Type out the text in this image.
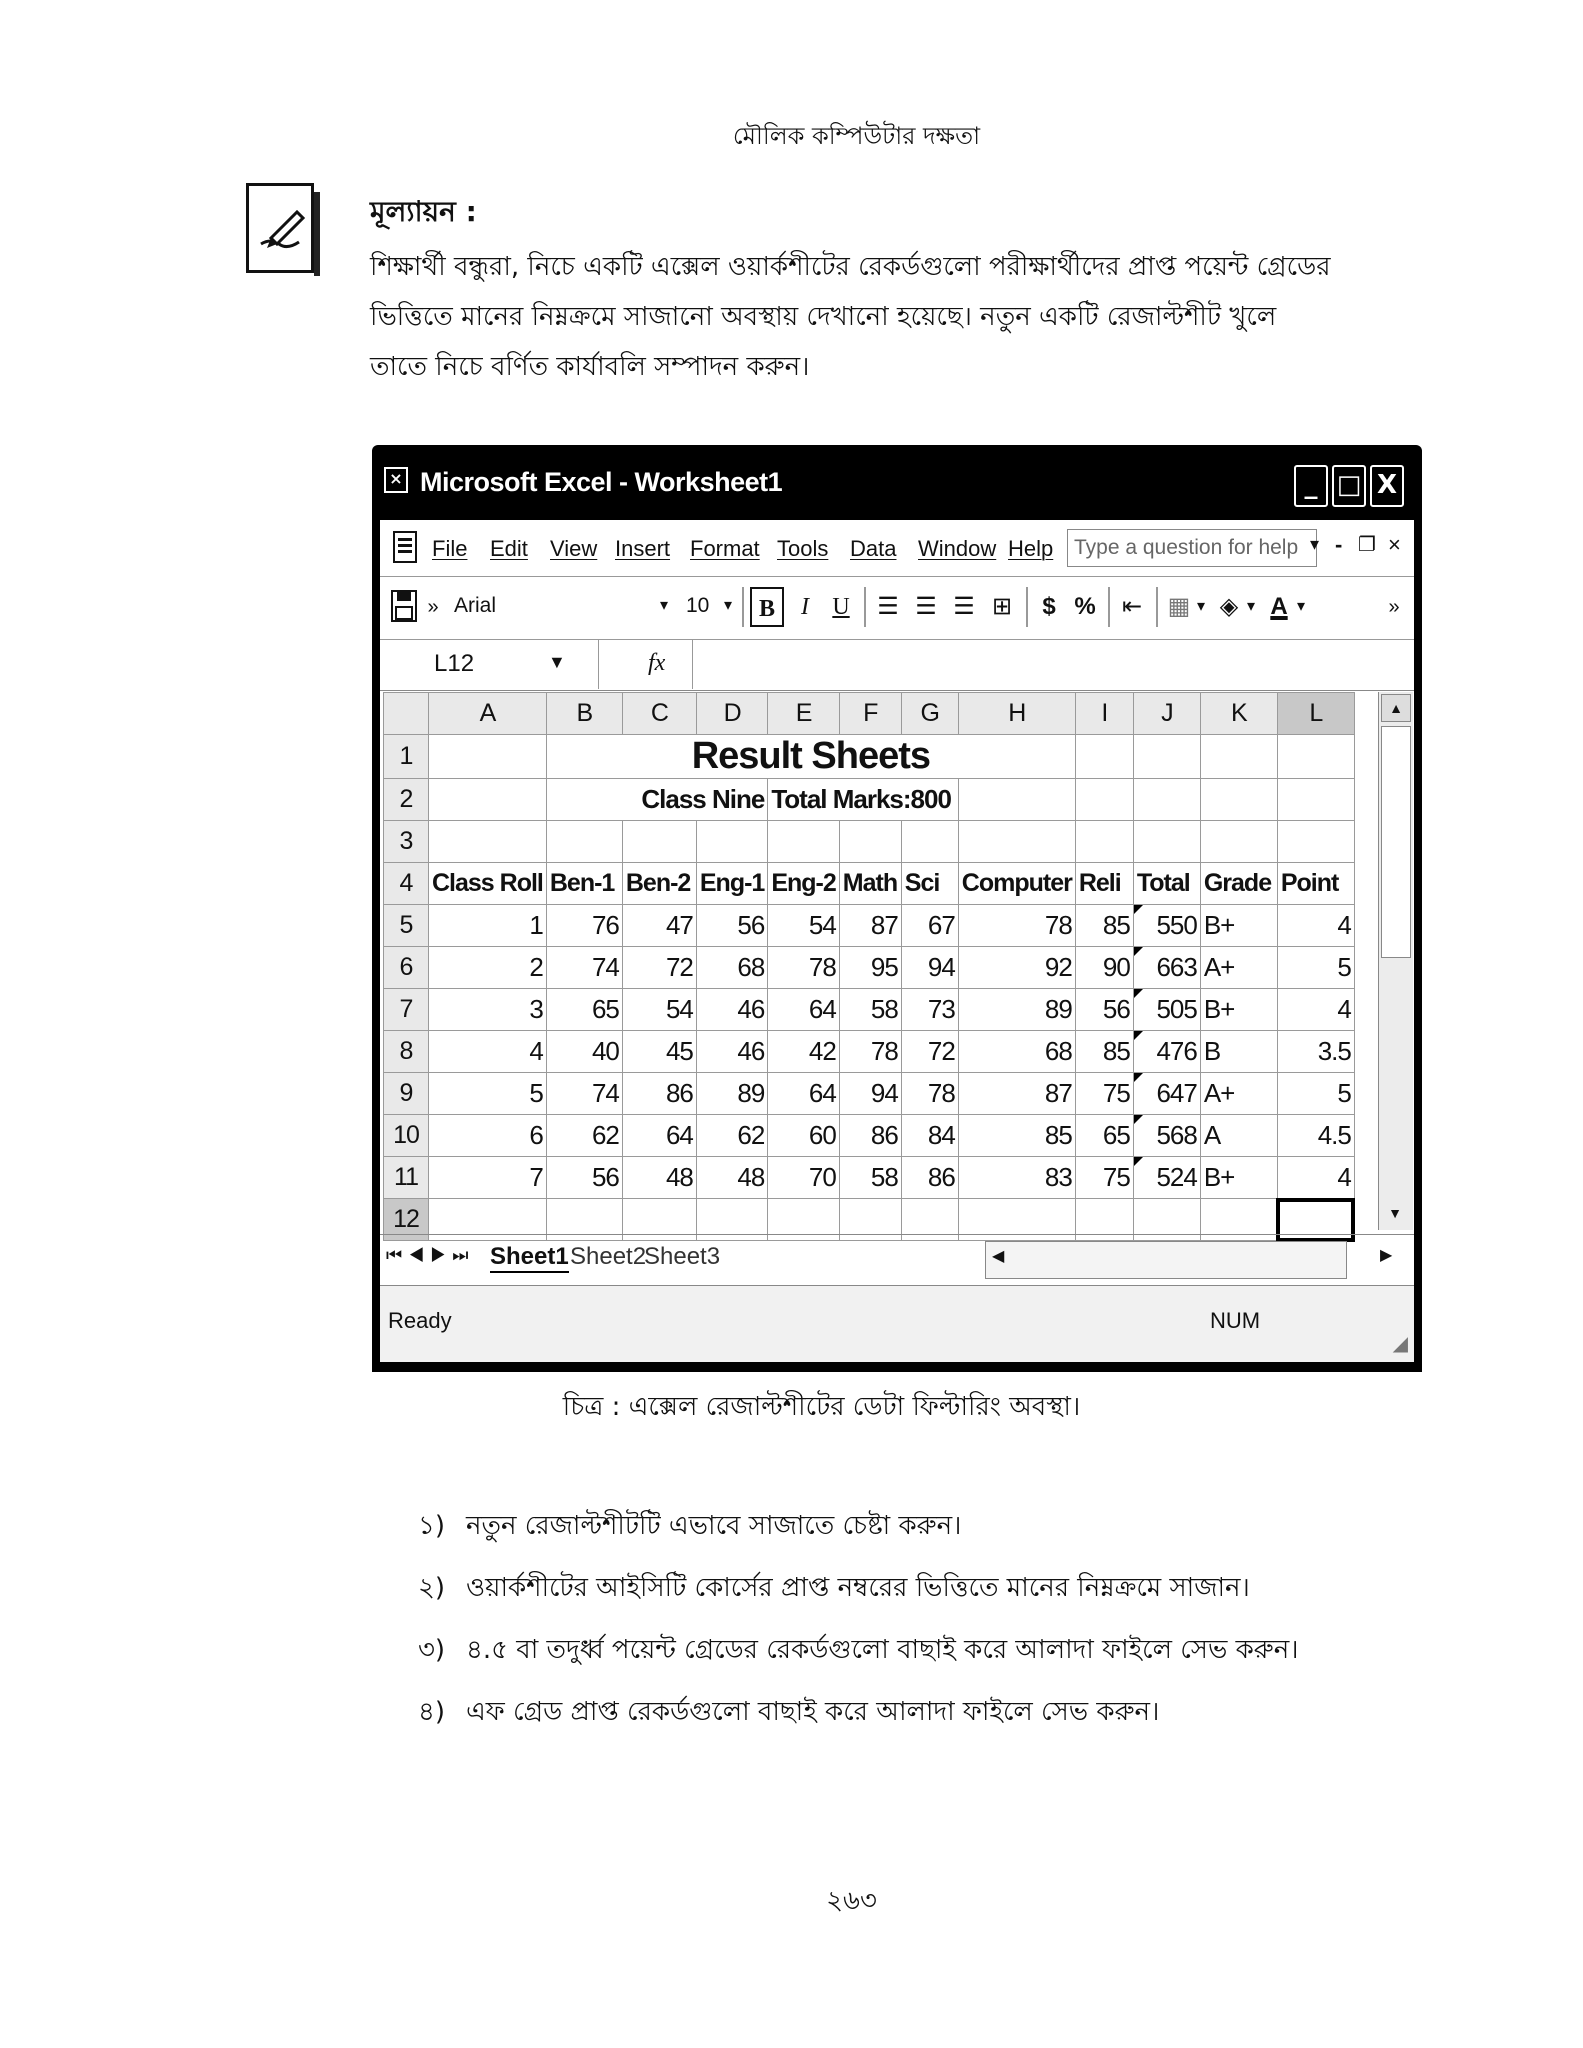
মৌলিক কম্পিউটার দক্ষতা
মূল্যায়ন :
শিক্ষার্থী বন্ধুরা, নিচে একটি এক্সেল ওয়ার্কশীটের রেকর্ডগুলো পরীক্ষার্থীদের প্রাপ্ত পয়েন্ট গ্রেডের
ভিত্তিতে মানের নিম্নক্রমে সাজানো অবস্থায় দেখানো হয়েছে। নতুন একটি রেজাল্টশীট খুলে
তাতে নিচে বর্ণিত কার্যাবলি সম্পাদন করুন।
× Microsoft Excel - Worksheet1	_ □ X
File Edit View Insert Format Tools Data Window Help Type a question for help ▾ - ❐ ×
» Arial	▾ 10 ▾	B	I U ☰ ☰ ☰ ⊞	$ % ⇤ ▦ ▾ ◈ ▾ A ▾	»
L12	▼	fx
	A	B	C	D	E	F	G	H	I	J	K	L
1		Result Sheets										
2		Class Nine			Total Marks:800							
3												
4	Class Roll	Ben-1	Ben-2	Eng-1	Eng-2	Math	Sci	Computer	Reli	Total	Grade	Point
5	1	76	47	56	54	87	67	78	85	550	B+	4
6	2	74	72	68	78	95	94	92	90	663	A+	5
7	3	65	54	46	64	58	73	89	56	505	B+	4
8	4	40	45	46	42	78	72	68	85	476	B	3.5
9	5	74	86	89	64	94	78	87	75	647	A+	5
10	6	62	64	62	60	86	84	85	65	568	A	4.5
11	7	56	48	48	70	58	86	83	75	524	B+	4
12												
▲
▼
⏮◀▶⏭ Sheet1 Sheet2
Sheet3	◀	▶
Ready	NUM
◢
চিত্র : এক্সেল রেজাল্টশীটের ডেটা ফিল্টারিং অবস্থা।
১) নতুন রেজাল্টশীটটি এভাবে সাজাতে চেষ্টা করুন।
২) ওয়ার্কশীটের আইসিটি কোর্সের প্রাপ্ত নম্বরের ভিত্তিতে মানের নিম্নক্রমে সাজান।
৩) ৪.৫ বা তদুর্ধ্ব পয়েন্ট গ্রেডের রেকর্ডগুলো বাছাই করে আলাদা ফাইলে সেভ করুন।
৪) এফ গ্রেড প্রাপ্ত রেকর্ডগুলো বাছাই করে আলাদা ফাইলে সেভ করুন।
২৬৩
